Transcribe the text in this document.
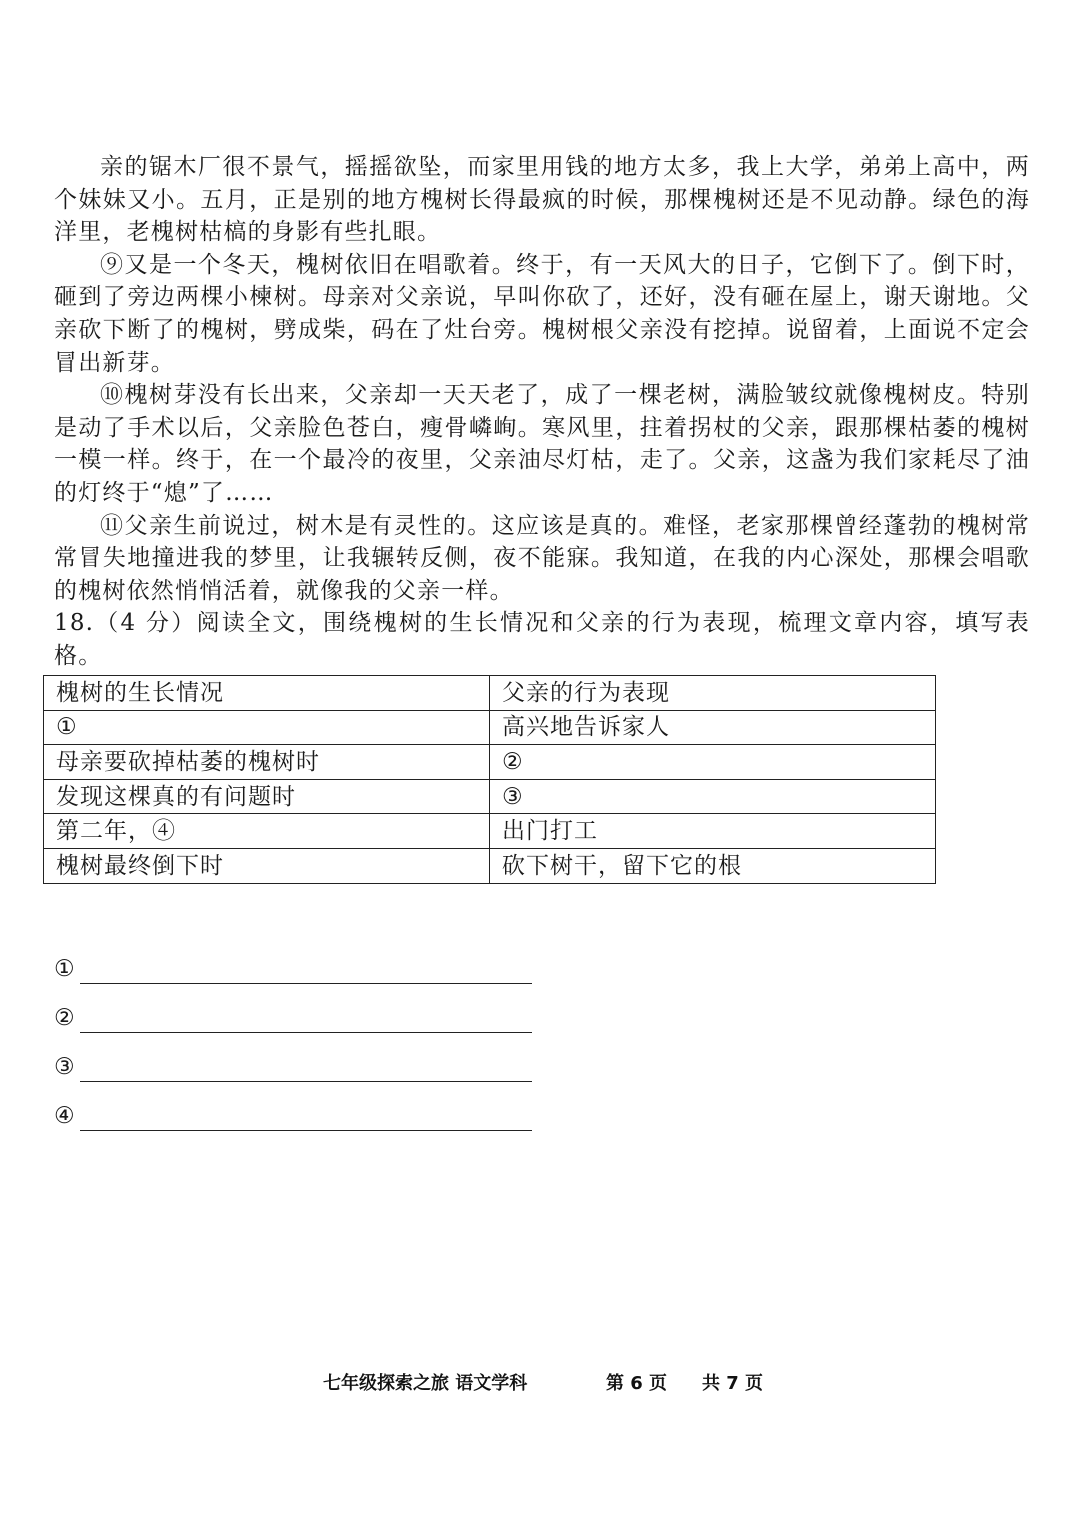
亲的锯木厂很不景气，摇摇欲坠，而家里用钱的地方太多，我上大学，弟弟上高中，两个妹妹又小。五月，正是别的地方槐树长得最疯的时候，那棵槐树还是不见动静。绿色的海洋里，老槐树枯槁的身影有些扎眼。

⑨又是一个冬天，槐树依旧在唱歌着。终于，有一天风大的日子，它倒下了。倒下时，砸到了旁边两棵小楝树。母亲对父亲说，早叫你砍了，还好，没有砸在屋上，谢天谢地。父亲砍下断了的槐树，劈成柴，码在了灶台旁。槐树根父亲没有挖掉。说留着，上面说不定会冒出新芽。

⑩槐树芽没有长出来，父亲却一天天老了，成了一棵老树，满脸皱纹就像槐树皮。特别是动了手术以后，父亲脸色苍白，瘦骨嶙峋。寒风里，拄着拐杖的父亲，跟那棵枯萎的槐树一模一样。终于，在一个最冷的夜里，父亲油尽灯枯，走了。父亲，这盏为我们家耗尽了油的灯终于“熄”了……

⑪父亲生前说过，树木是有灵性的。这应该是真的。难怪，老家那棵曾经蓬勃的槐树常常冒失地撞进我的梦里，让我辗转反侧，夜不能寐。我知道，在我的内心深处，那棵会唱歌的槐树依然悄悄活着，就像我的父亲一样。

18.（4 分）阅读全文，围绕槐树的生长情况和父亲的行为表现，梳理文章内容，填写表格。

槐树的生长情况	父亲的行为表现
①	高兴地告诉家人
母亲要砍掉枯萎的槐树时	②
发现这棵真的有问题时	③
第二年，④	出门打工
槐树最终倒下时	砍下树干，留下它的根
①
②
③
④
七年级探索之旅 语文学科	第 6 页 共 7 页
